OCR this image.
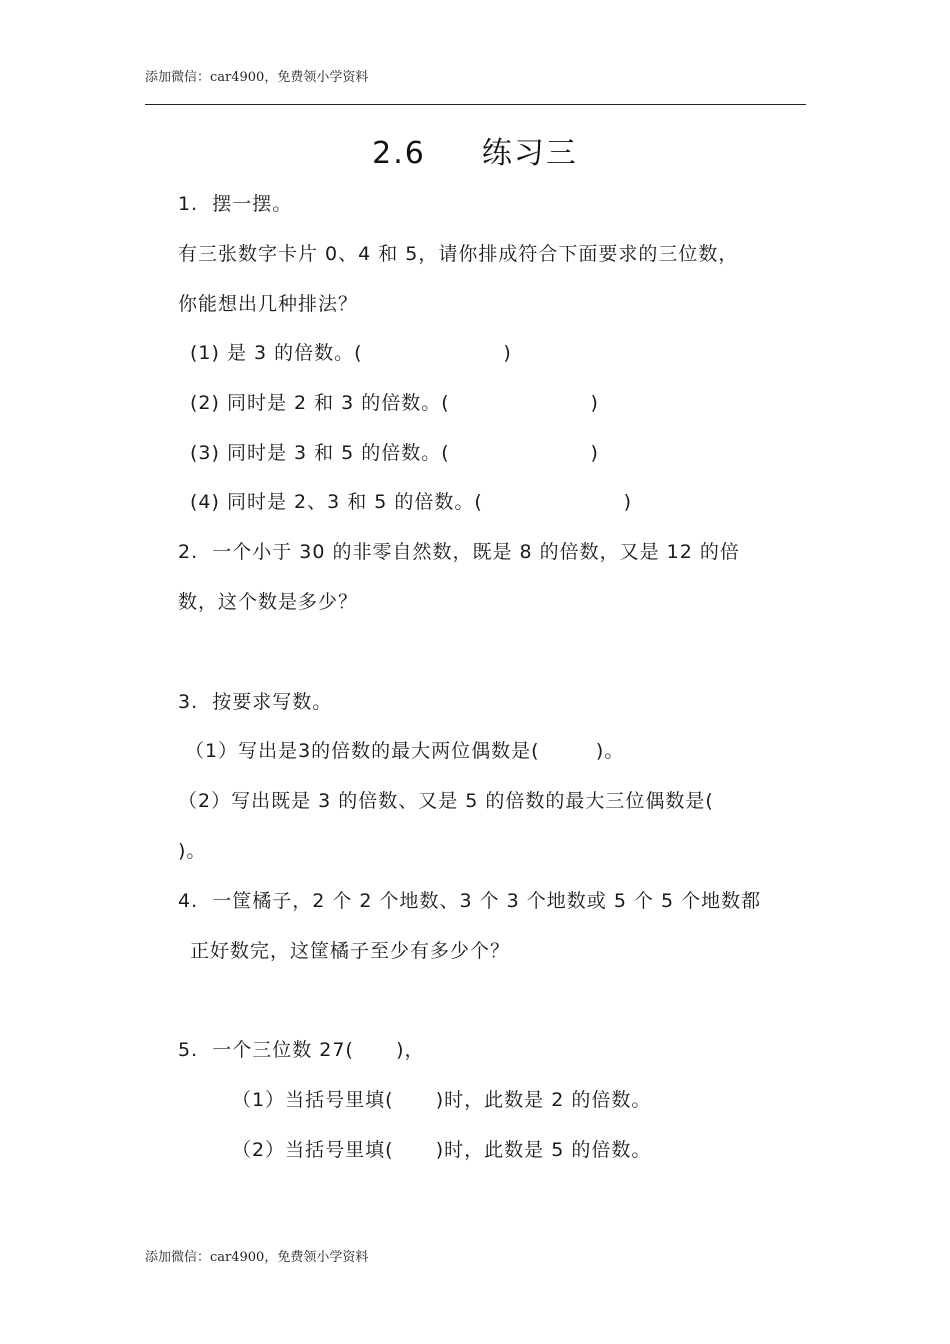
添加微信：car4900，免费领小学资料
2.6 练习三
1.  摆一摆。
有三张数字卡片 0、4 和 5，请你排成符合下面要求的三位数，
你能想出几种排法？
(1) 是 3 的倍数。(                    )
(2) 同时是 2 和 3 的倍数。(                    )
(3) 同时是 3 和 5 的倍数。(                    )
(4) 同时是 2、3 和 5 的倍数。(                    )
2.  一个小于 30 的非零自然数，既是 8 的倍数，又是 12 的倍
数，这个数是多少？
3.  按要求写数。
（1）写出是3的倍数的最大两位偶数是(        )。
（2）写出既是 3 的倍数、又是 5 的倍数的最大三位偶数是(
)。
4.  一筐橘子，2 个 2 个地数、3 个 3 个地数或 5 个 5 个地数都
正好数完，这筐橘子至少有多少个？
5.  一个三位数 27(      )，
（1）当括号里填(      )时，此数是 2 的倍数。
（2）当括号里填(      )时，此数是 5 的倍数。
添加微信：car4900，免费领小学资料
